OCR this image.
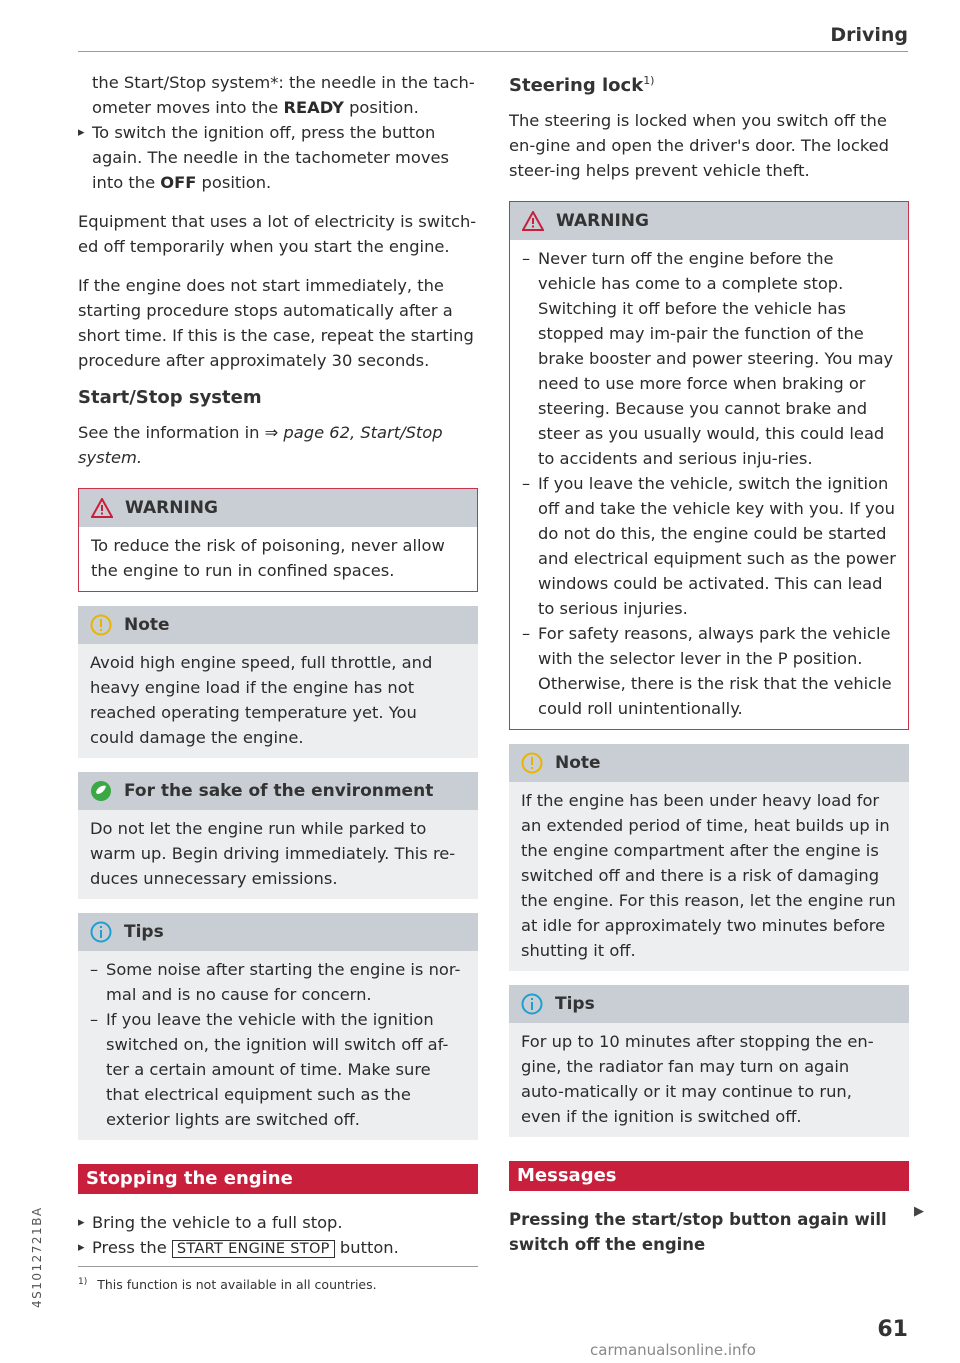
Driving

the Start/Stop system*: the needle in the tachometer moves into the READY position.

▸ To switch the ignition off, press the button again. The needle in the tachometer moves into the OFF position.

Equipment that uses a lot of electricity is switch-ed off temporarily when you start the engine.

If the engine does not start immediately, the starting procedure stops automatically after a short time. If this is the case, repeat the starting procedure after approximately 30 seconds.

Start/Stop system

See the information in ⇒ page 62, Start/Stop system.

WARNING

To reduce the risk of poisoning, never allow the engine to run in confined spaces.

Note

Avoid high engine speed, full throttle, and heavy engine load if the engine has not reached operating temperature yet. You could damage the engine.

For the sake of the environment

Do not let the engine run while parked to warm up. Begin driving immediately. This re-duces unnecessary emissions.

Tips
– Some noise after starting the engine is nor-mal and is no cause for concern.
– If you leave the vehicle with the ignition switched on, the ignition will switch off af-ter a certain amount of time. Make sure that electrical equipment such as the exterior lights are switched off.
Stopping the engine
▸ Bring the vehicle to a full stop.
▸ Press the START ENGINE STOP button.
Steering lock$^{1)}$

The steering is locked when you switch off the en-gine and open the driver's door. The locked steer-ing helps prevent vehicle theft.

WARNING
– Never turn off the engine before the vehicle has come to a complete stop. Switching it off before the vehicle has stopped may im-pair the function of the brake booster and power steering. You may need to use more force when braking or steering. Because you cannot brake and steer as you usually would, this could lead to accidents and serious inju-ries.
– If you leave the vehicle, switch the ignition off and take the vehicle key with you. If you do not do this, the engine could be started and electrical equipment such as the power windows could be activated. This can lead to serious injuries.
– For safety reasons, always park the vehicle with the selector lever in the P position. Otherwise, there is the risk that the vehicle could roll unintentionally.
Note

If the engine has been under heavy load for an extended period of time, heat builds up in the engine compartment after the engine is switched off and there is a risk of damaging the engine. For this reason, let the engine run at idle for approximately two minutes before shutting it off.

Tips

For up to 10 minutes after stopping the en-gine, the radiator fan may turn on again auto-matically or it may continue to run, even if the ignition is switched off.

Messages

Pressing the start/stop button again will switch off the engine

▶
$^{1)}$ This function is not available in all countries.
4S1012721BA
61
carmanualsonline.info
